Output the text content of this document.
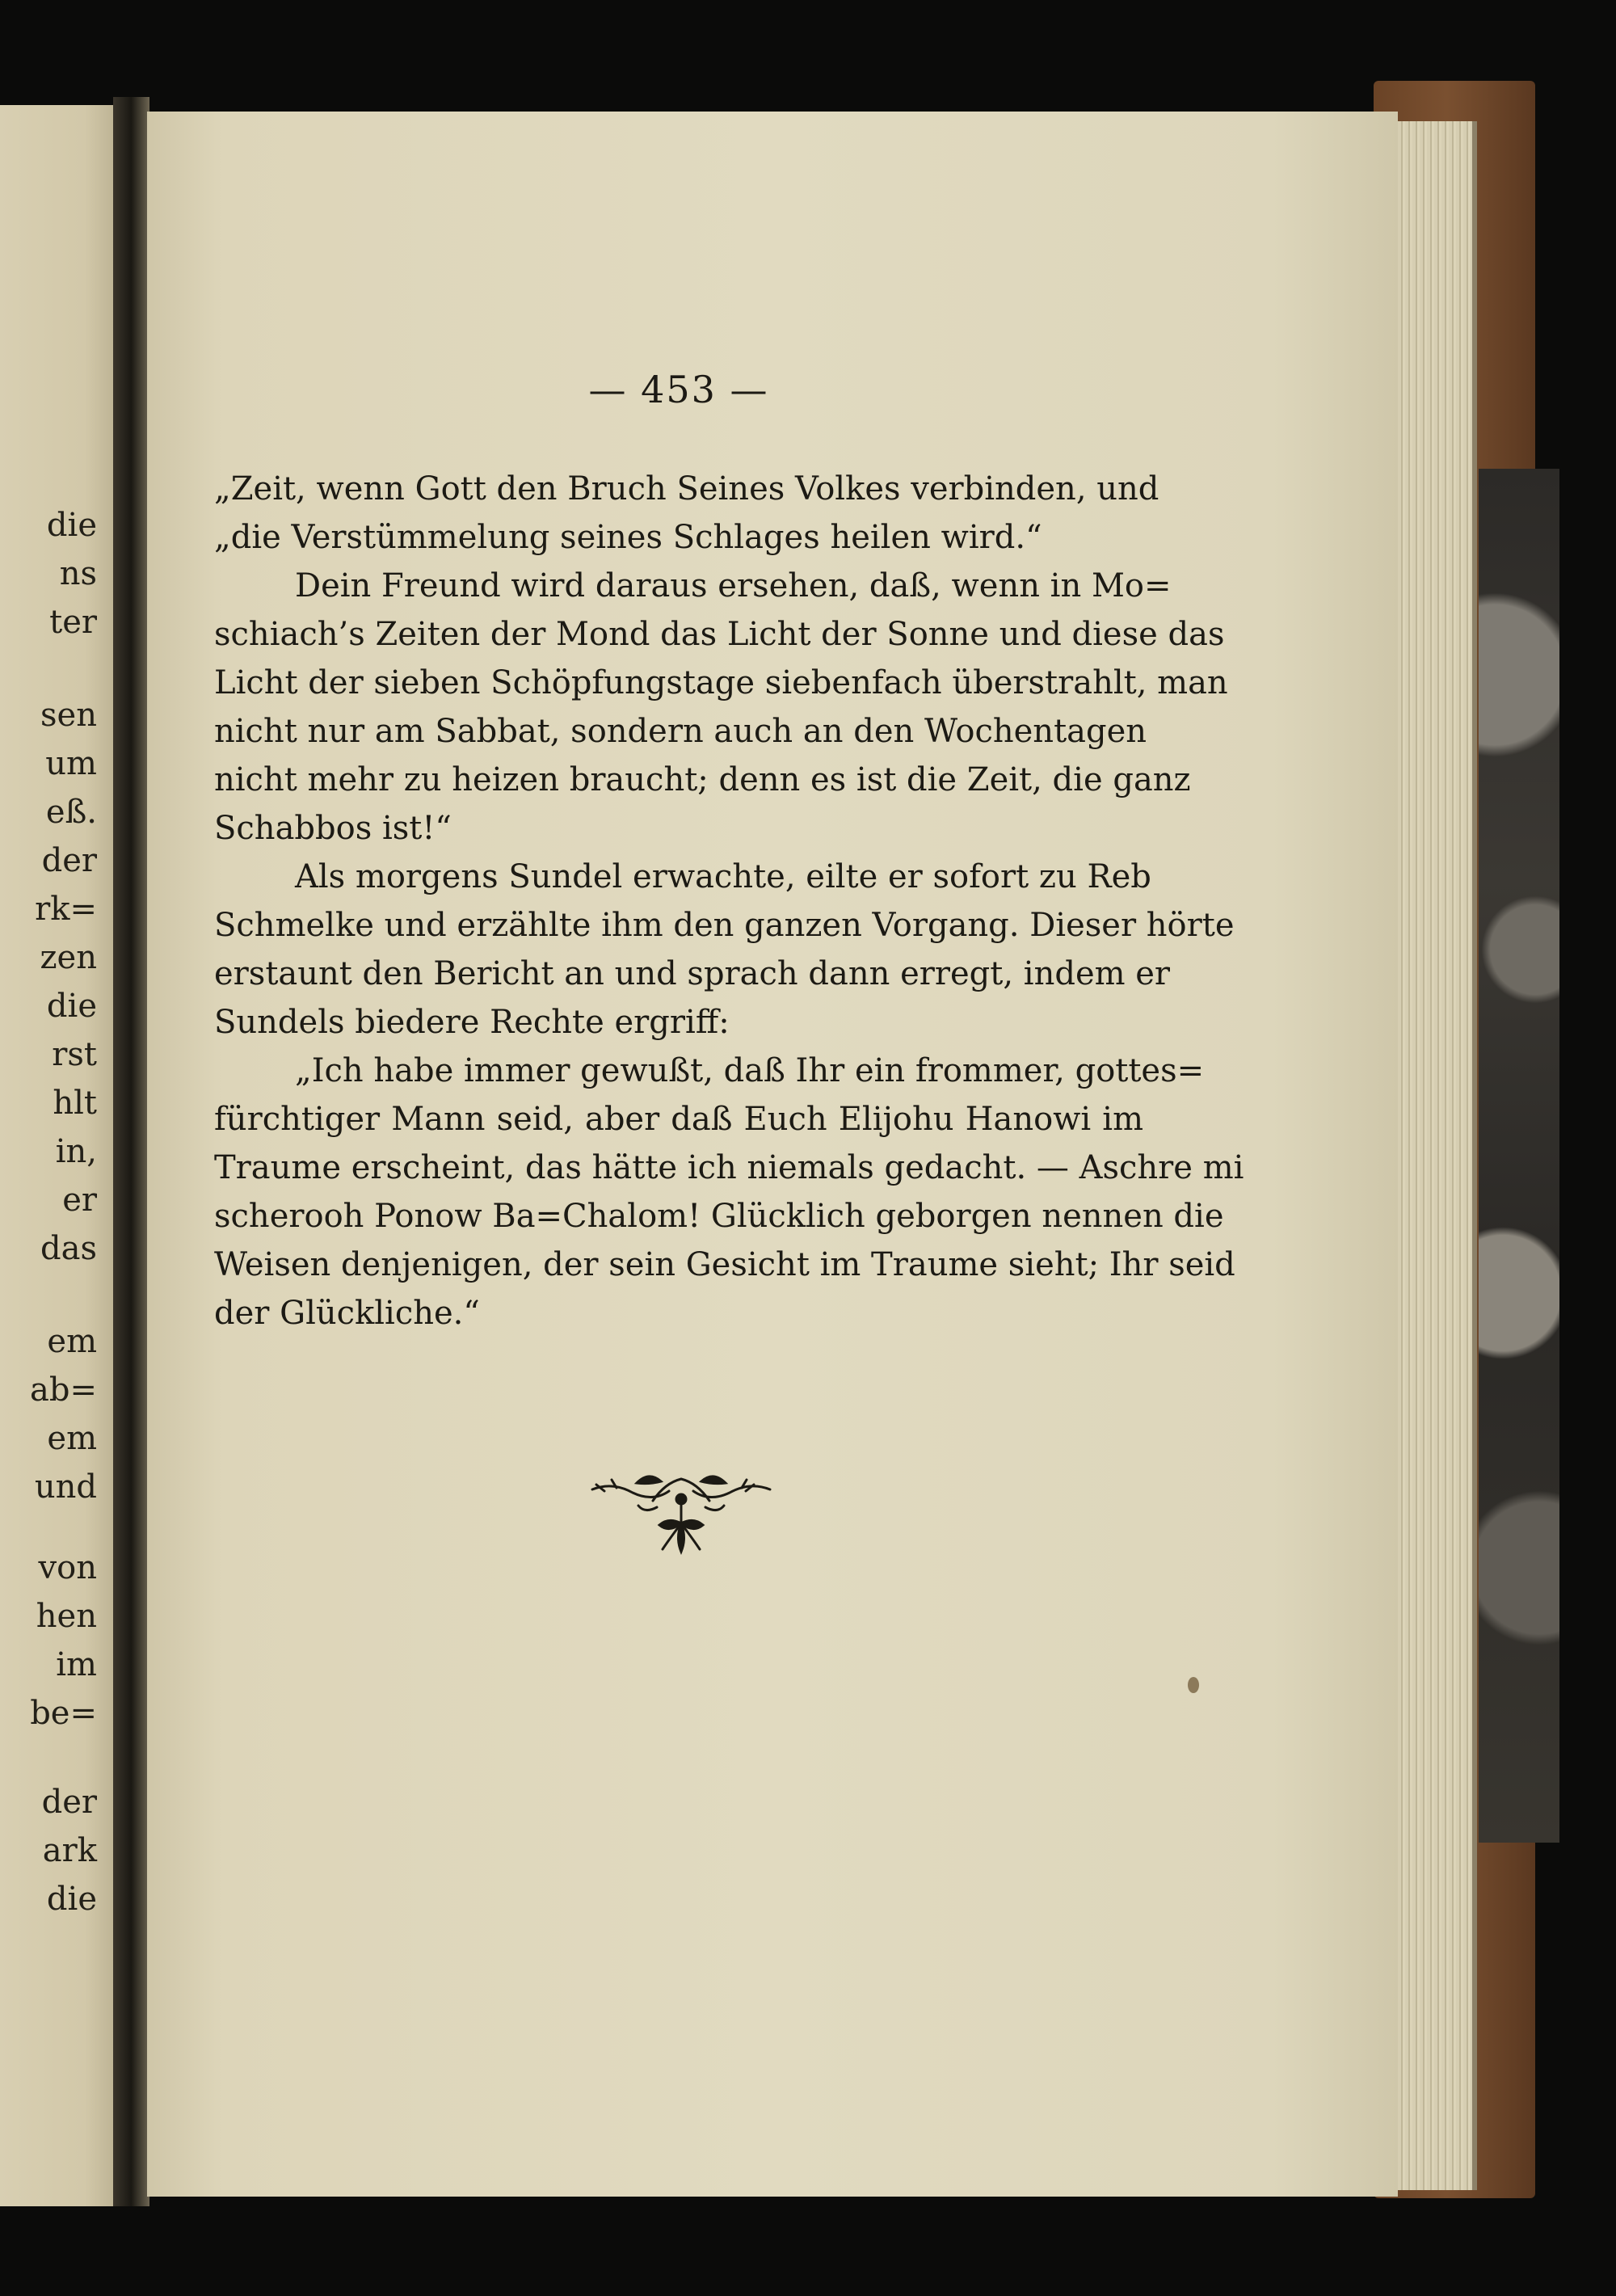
die
ns
ter
sen
um
eß.
der
rk=
zen
die
rst
hlt
in,
er
das
em
ab=
em
und
von
hen
im
be=
der
ark
die
— 453 —
„Zeit, wenn Gott den Bruch Seines Volkes verbinden, und
„die Verstümmelung seines Schlages heilen wird.“
Dein Freund wird daraus ersehen, daß, wenn in Mo=
schiach’s Zeiten der Mond das Licht der Sonne und diese das
Licht der sieben Schöpfungstage siebenfach überstrahlt, man
nicht nur am Sabbat, sondern auch an den Wochentagen
nicht mehr zu heizen braucht; denn es ist die Zeit, die ganz
Schabbos ist!“
Als morgens Sundel erwachte, eilte er sofort zu Reb
Schmelke und erzählte ihm den ganzen Vorgang. Dieser hörte
erstaunt den Bericht an und sprach dann erregt, indem er
Sundels biedere Rechte ergriff:
„Ich habe immer gewußt, daß Ihr ein frommer, gottes=
fürchtiger Mann seid, aber daß Euch Elijohu Hanowi im
Traume erscheint, das hätte ich niemals gedacht. — Aschre mi
scherooh Ponow Ba=Chalom! Glücklich geborgen nennen die
Weisen denjenigen, der sein Gesicht im Traume sieht; Ihr seid
der Glückliche.“
